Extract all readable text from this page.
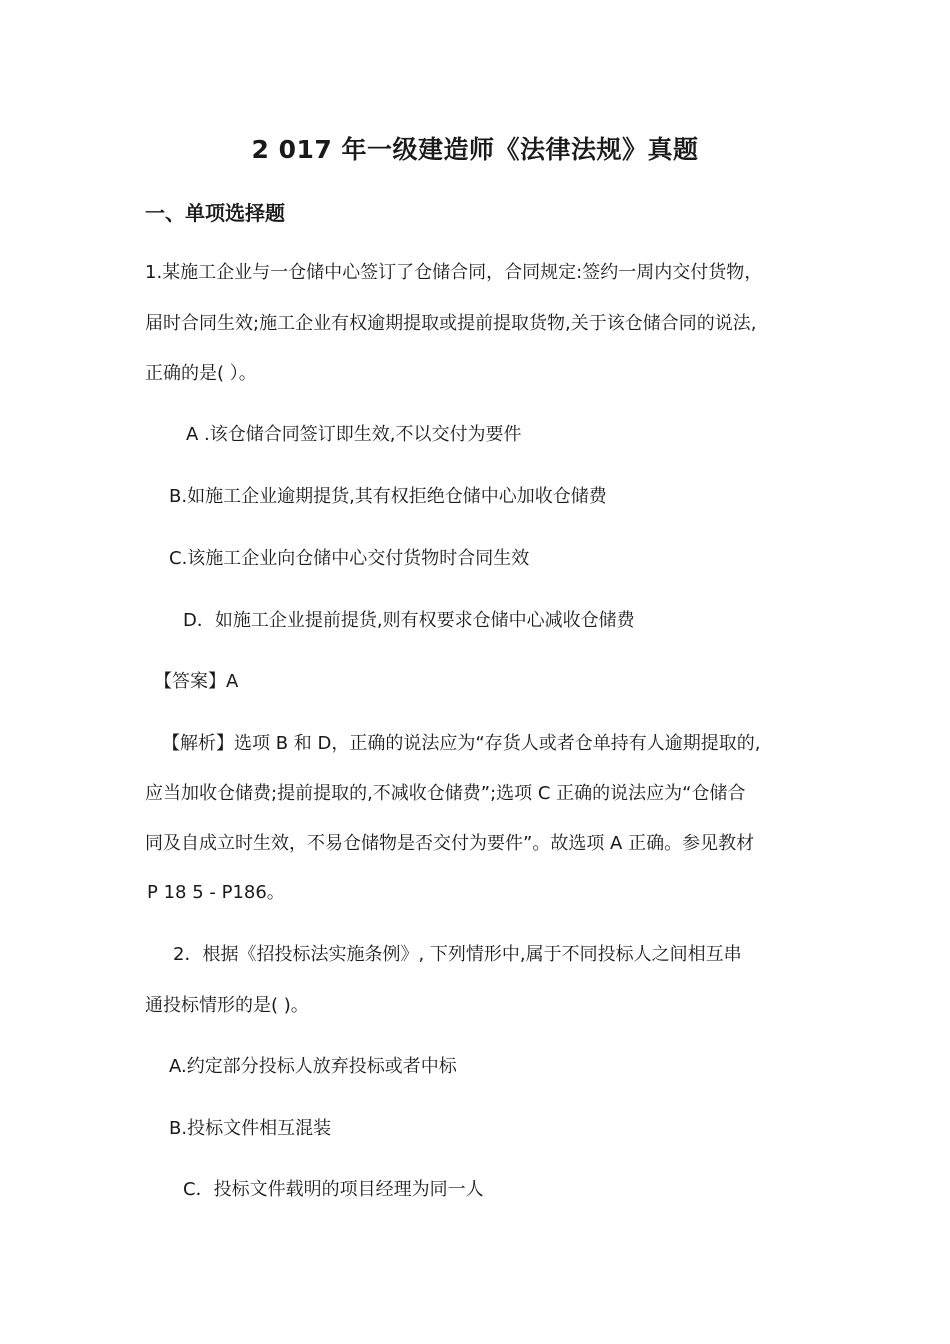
2 017 年一级建造师《法律法规》真题
一、单项选择题
1.某施工企业与一仓储中心签订了仓储合同，合同规定:签约一周内交付货物，
届时合同生效;施工企业有权逾期提取或提前提取货物,关于该仓储合同的说法,
正确的是( ）。
A .该仓储合同签订即生效,不以交付为要件
B.如施工企业逾期提货,其有权拒绝仓储中心加收仓储费
C.该施工企业向仓储中心交付货物时合同生效
D．如施工企业提前提货,则有权要求仓储中心减收仓储费
【答案】A
【解析】选项 B 和 D，正确的说法应为“存货人或者仓单持有人逾期提取的,
应当加收仓储费;提前提取的,不减收仓储费”;选项 C 正确的说法应为“仓储合
同及自成立时生效，不易仓储物是否交付为要件”。故选项 A 正确。参见教材
P 18 5 - P186。
2．根据《招投标法实施条例》, 下列情形中,属于不同投标人之间相互串
通投标情形的是( )。
A.约定部分投标人放弃投标或者中标
B.投标文件相互混装
C．投标文件载明的项目经理为同一人
